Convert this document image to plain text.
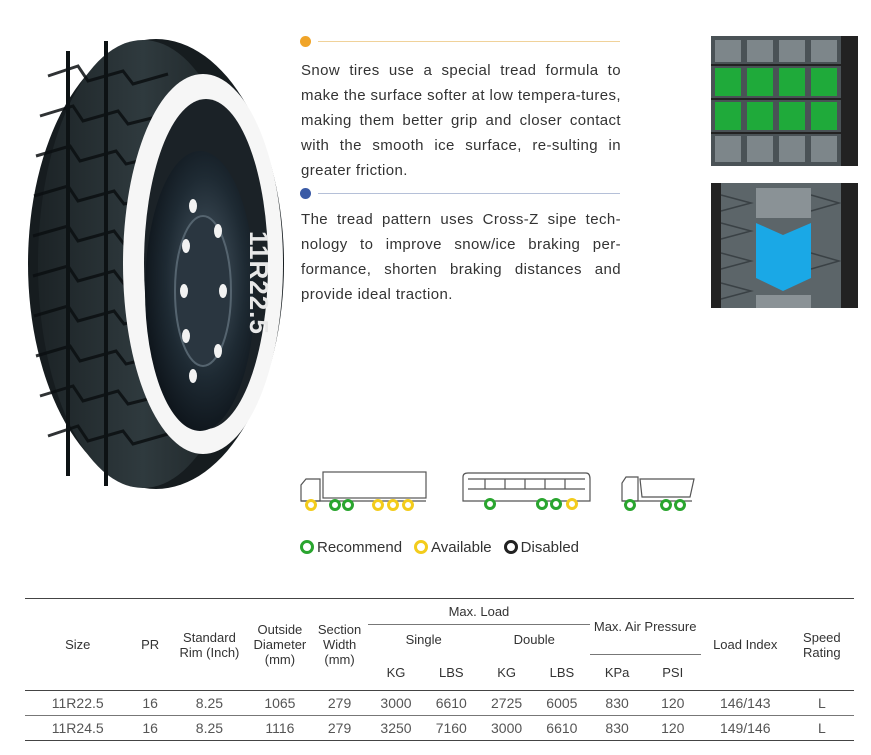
11R22.5
Snow tires use a special tread formula to make the surface softer at low tempera-tures, making them better grip and closer contact with the smooth ice surface, re-sulting in greater friction.
The tread pattern uses Cross-Z sipe tech-nology to improve snow/ice braking per-formance, shorten braking distances and provide ideal traction.
Recommend Available Disabled
Size	PR	Standard Rim (Inch)	Outside Diameter (mm)	Section Width (mm)	Max. Load				Max. Air Pressure		Load Index	Speed Rating
					Single		Double					
					KG	LBS	KG	LBS	KPa	PSI		
11R22.5	16	8.25	1065	279	3000	6610	2725	6005	830	120	146/143	L
11R24.5	16	8.25	1116	279	3250	7160	3000	6610	830	120	149/146	L
